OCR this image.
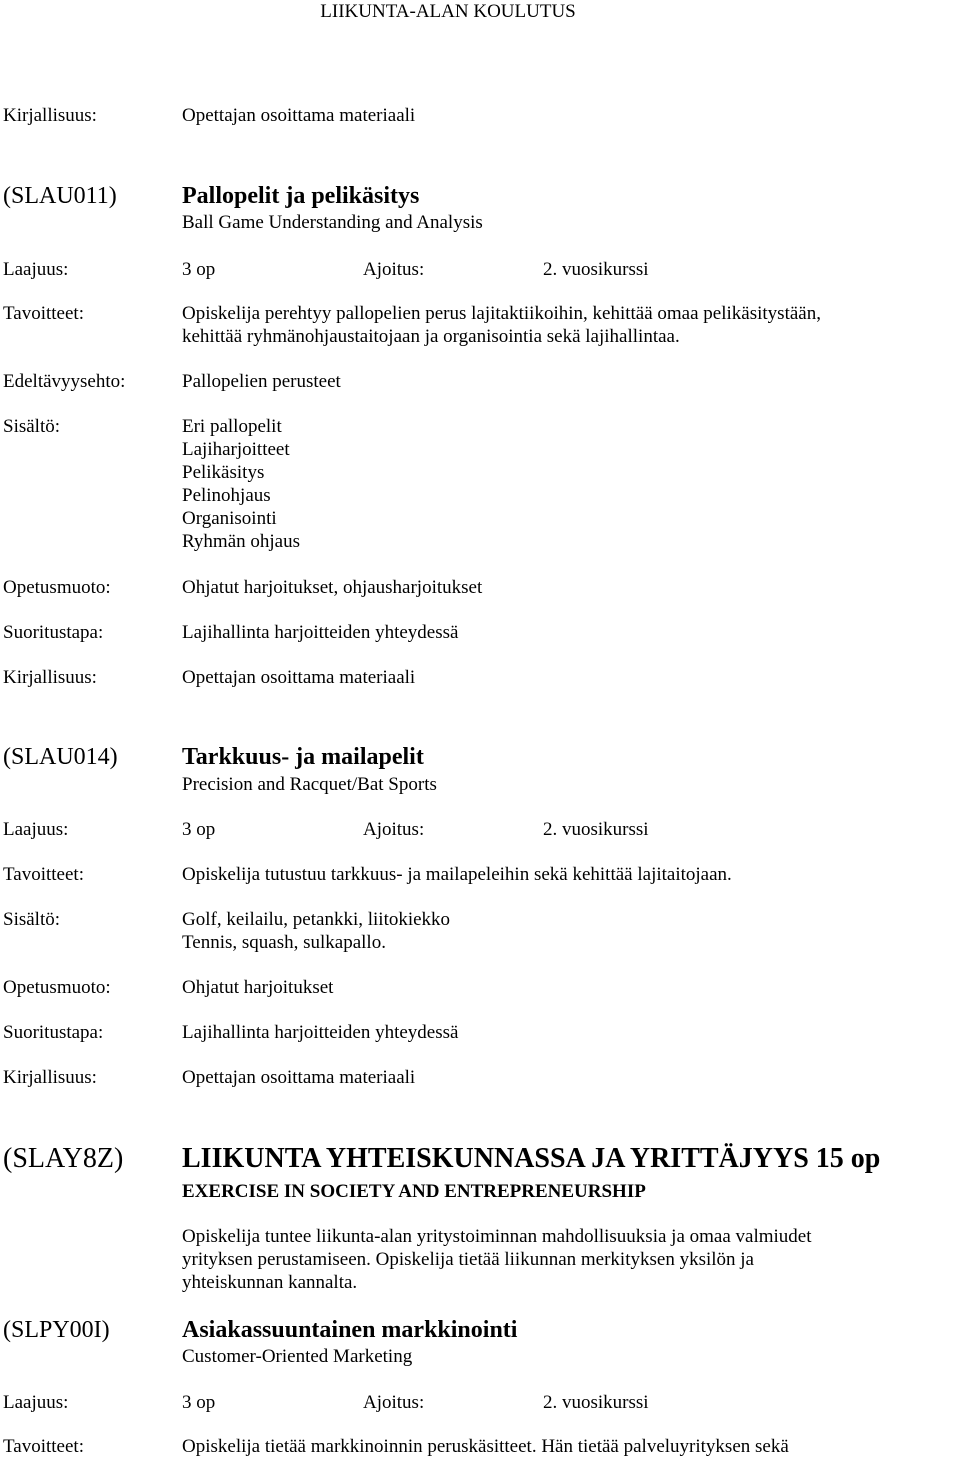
LIIKUNTA-ALAN KOULUTUS
Kirjallisuus:	Opettajan osoittama materiaali
(SLAU011)	Pallopelit ja pelikäsitys
Ball Game Understanding and Analysis
Laajuus:	3 op	Ajoitus:	2. vuosikurssi
Tavoitteet:	Opiskelija perehtyy pallopelien perus lajitaktiikoihin, kehittää omaa pelikäsitystään,
kehittää ryhmänohjaustaitojaan ja organisointia sekä lajihallintaa.
Edeltävyysehto:	Pallopelien perusteet
Sisältö:	Eri pallopelit
Lajiharjoitteet
Pelikäsitys
Pelinohjaus
Organisointi
Ryhmän ohjaus
Opetusmuoto:	Ohjatut harjoitukset, ohjausharjoitukset
Suoritustapa:	Lajihallinta harjoitteiden yhteydessä
Kirjallisuus:	Opettajan osoittama materiaali
(SLAU014)	Tarkkuus- ja mailapelit
Precision and Racquet/Bat Sports
Laajuus:	3 op	Ajoitus:	2. vuosikurssi
Tavoitteet:	Opiskelija tutustuu tarkkuus- ja mailapeleihin sekä kehittää lajitaitojaan.
Sisältö:	Golf, keilailu, petankki, liitokiekko
Tennis, squash, sulkapallo.
Opetusmuoto:	Ohjatut harjoitukset
Suoritustapa:	Lajihallinta harjoitteiden yhteydessä
Kirjallisuus:	Opettajan osoittama materiaali
(SLAY8Z) LIIKUNTA YHTEISKUNNASSA JA YRITTÄJYYS 15 op
EXERCISE IN SOCIETY AND ENTREPRENEURSHIP
Opiskelija tuntee liikunta-alan yritystoiminnan mahdollisuuksia ja omaa valmiudet
yrityksen perustamiseen. Opiskelija tietää liikunnan merkityksen yksilön ja
yhteiskunnan kannalta.
(SLPY00I)	Asiakassuuntainen markkinointi
Customer-Oriented Marketing
Laajuus:	3 op	Ajoitus:	2. vuosikurssi
Tavoitteet:	Opiskelija tietää markkinoinnin peruskäsitteet. Hän tietää palveluyrityksen sekä
